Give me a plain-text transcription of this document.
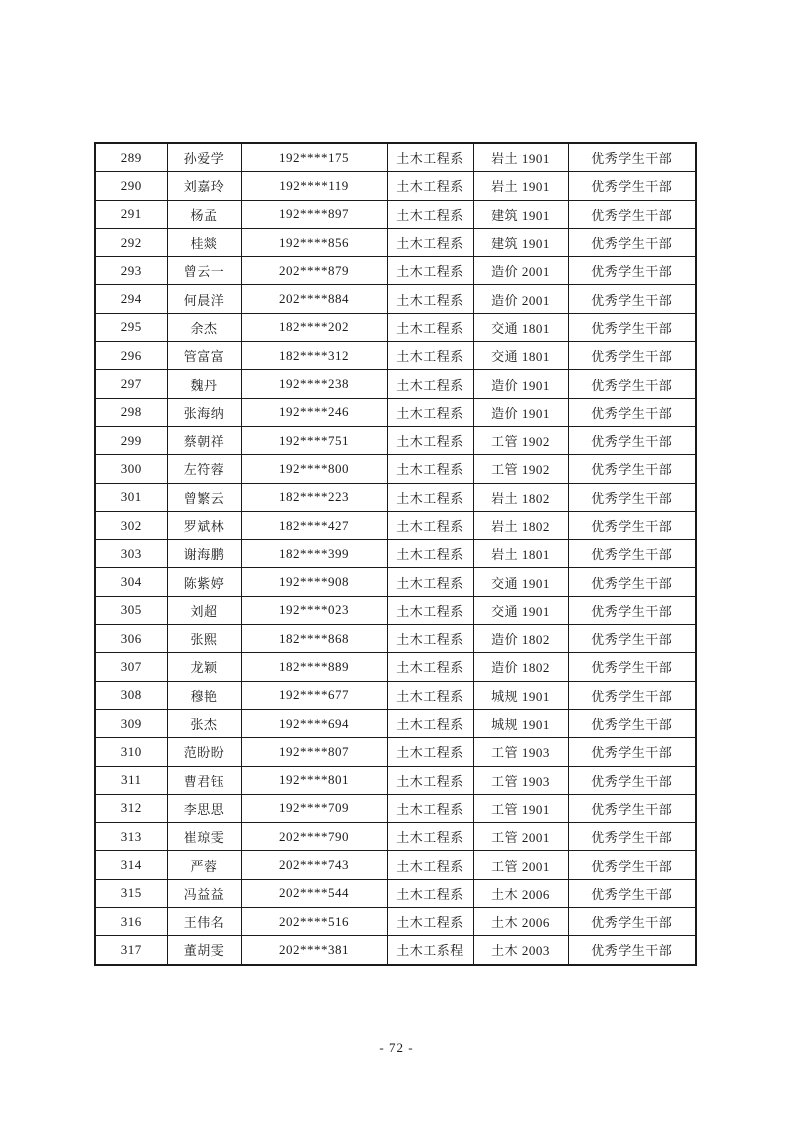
289	孙爱学	192****175	土木工程系	岩土 1901	优秀学生干部
290	刘嘉玲	192****119	土木工程系	岩土 1901	优秀学生干部
291	杨孟	192****897	土木工程系	建筑 1901	优秀学生干部
292	桂燚	192****856	土木工程系	建筑 1901	优秀学生干部
293	曾云一	202****879	土木工程系	造价 2001	优秀学生干部
294	何晨洋	202****884	土木工程系	造价 2001	优秀学生干部
295	余杰	182****202	土木工程系	交通 1801	优秀学生干部
296	管富富	182****312	土木工程系	交通 1801	优秀学生干部
297	魏丹	192****238	土木工程系	造价 1901	优秀学生干部
298	张海纳	192****246	土木工程系	造价 1901	优秀学生干部
299	蔡朝祥	192****751	土木工程系	工管 1902	优秀学生干部
300	左符蓉	192****800	土木工程系	工管 1902	优秀学生干部
301	曾繁云	182****223	土木工程系	岩土 1802	优秀学生干部
302	罗斌林	182****427	土木工程系	岩土 1802	优秀学生干部
303	谢海鹏	182****399	土木工程系	岩土 1801	优秀学生干部
304	陈紫婷	192****908	土木工程系	交通 1901	优秀学生干部
305	刘超	192****023	土木工程系	交通 1901	优秀学生干部
306	张熙	182****868	土木工程系	造价 1802	优秀学生干部
307	龙颖	182****889	土木工程系	造价 1802	优秀学生干部
308	穆艳	192****677	土木工程系	城规 1901	优秀学生干部
309	张杰	192****694	土木工程系	城规 1901	优秀学生干部
310	范盼盼	192****807	土木工程系	工管 1903	优秀学生干部
311	曹君钰	192****801	土木工程系	工管 1903	优秀学生干部
312	李思思	192****709	土木工程系	工管 1901	优秀学生干部
313	崔琼雯	202****790	土木工程系	工管 2001	优秀学生干部
314	严蓉	202****743	土木工程系	工管 2001	优秀学生干部
315	冯益益	202****544	土木工程系	土木 2006	优秀学生干部
316	王伟名	202****516	土木工程系	土木 2006	优秀学生干部
317	董胡雯	202****381	土木工系程	土木 2003	优秀学生干部
- 72 -
